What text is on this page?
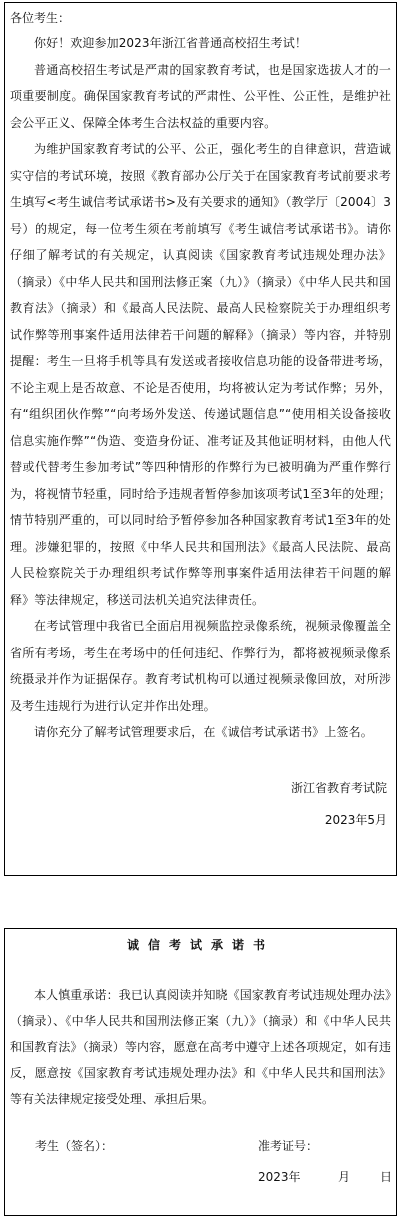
各位考生：

你好！欢迎参加2023年浙江省普通高校招生考试！

普通高校招生考试是严肃的国家教育考试，也是国家选拔人才的一项重要制度。确保国家教育考试的严肃性、公平性、公正性，是维护社会公平正义、保障全体考生合法权益的重要内容。

为维护国家教育考试的公平、公正，强化考生的自律意识，营造诚实守信的考试环境，按照《教育部办公厅关于在国家教育考试前要求考生填写<考生诚信考试承诺书>及有关要求的通知》（教学厅〔2004〕3号）的规定，每一位考生须在考前填写《考生诚信考试承诺书》。请你仔细了解考试的有关规定，认真阅读《国家教育考试违规处理办法》（摘录）《中华人民共和国刑法修正案（九）》（摘录）《中华人民共和国教育法》（摘录）和《最高人民法院、最高人民检察院关于办理组织考试作弊等刑事案件适用法律若干问题的解释》（摘录）等内容，并特别提醒：考生一旦将手机等具有发送或者接收信息功能的设备带进考场，不论主观上是否故意、不论是否使用，均将被认定为考试作弊；另外，有“组织团伙作弊”“向考场外发送、传递试题信息”“使用相关设备接收信息实施作弊”“伪造、变造身份证、准考证及其他证明材料，由他人代替或代替考生参加考试”等四种情形的作弊行为已被明确为严重作弊行为，将视情节轻重，同时给予违规者暂停参加该项考试1至3年的处理；情节特别严重的，可以同时给予暂停参加各种国家教育考试1至3年的处理。涉嫌犯罪的，按照《中华人民共和国刑法》《最高人民法院、最高人民检察院关于办理组织考试作弊等刑事案件适用法律若干问题的解释》等法律规定，移送司法机关追究法律责任。

在考试管理中我省已全面启用视频监控录像系统，视频录像覆盖全省所有考场，考生在考场中的任何违纪、作弊行为，都将被视频录像系统摄录并作为证据保存。教育考试机构可以通过视频录像回放，对所涉及考生违规行为进行认定并作出处理。

请你充分了解考试管理要求后，在《诚信考试承诺书》上签名。

浙江省教育考试院
2023年5月
诚信考试承诺书

本人慎重承诺：我已认真阅读并知晓《国家教育考试违规处理办法》（摘录）、《中华人民共和国刑法修正案（九）》（摘录）和《中华人民共和国教育法》（摘录）等内容，愿意在高考中遵守上述各项规定，如有违反，愿意按《国家教育考试违规处理办法》和《中华人民共和国刑法》等有关法律规定接受处理、承担后果。

考生（签名）：	准考证号：
2023年	月 日
